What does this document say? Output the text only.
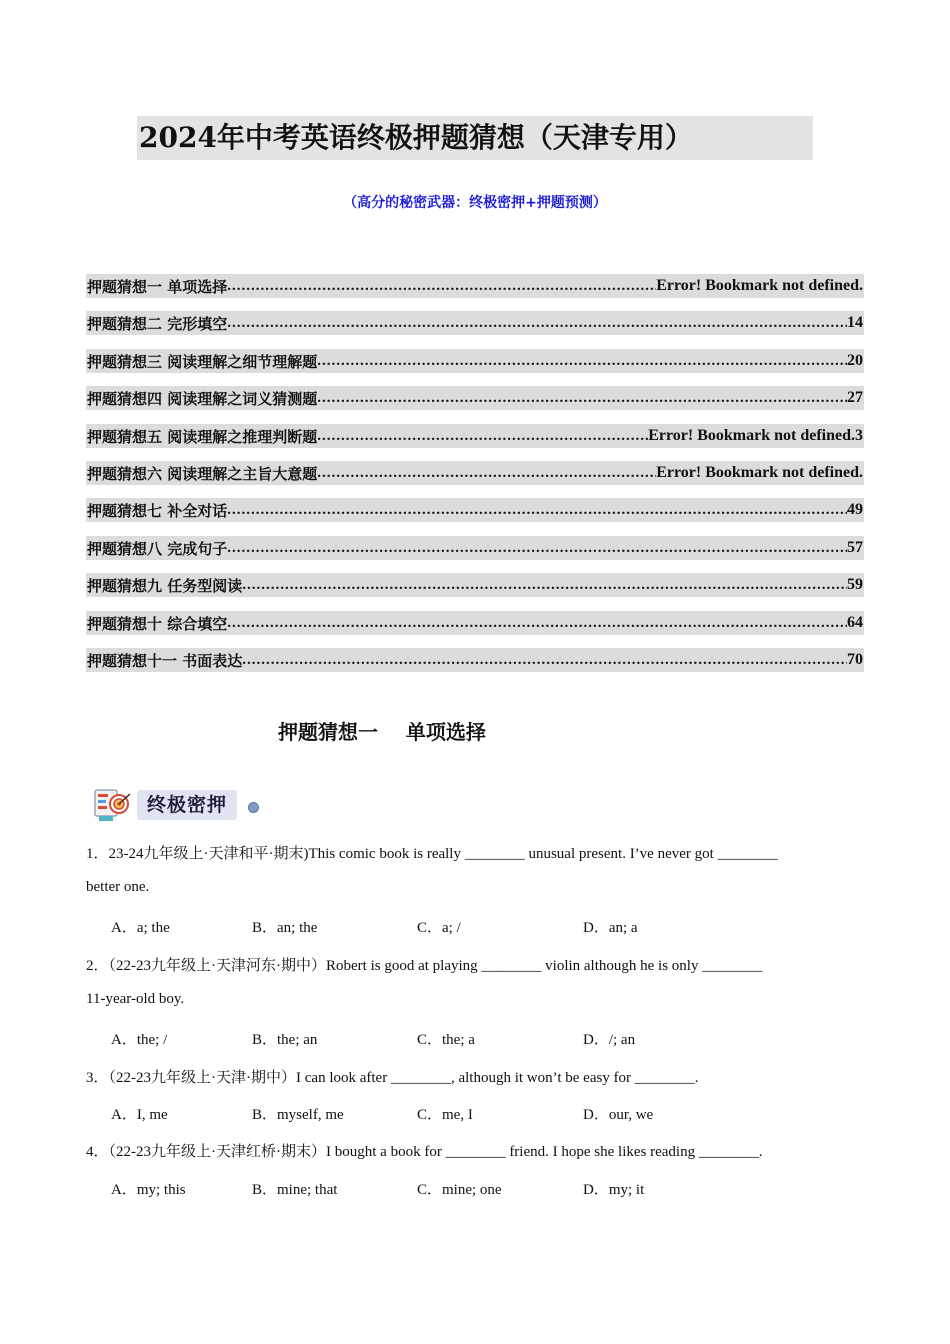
2024年中考英语终极押题猜想（天津专用）
（高分的秘密武器：终极密押+押题预测）
押题猜想一 单项选择 .....	Error! Bookmark not defined.
押题猜想二 完形填空 .....	14
押题猜想三 阅读理解之细节理解题 .....	20
押题猜想四 阅读理解之词义猜测题 .....	27
押题猜想五 阅读理解之推理判断题 .....	Error! Bookmark not defined.3
押题猜想六 阅读理解之主旨大意题 .....	Error! Bookmark not defined.
押题猜想七 补全对话 .....	49
押题猜想八 完成句子 .....	57
押题猜想九 任务型阅读 .....	59
押题猜想十 综合填空 .....	64
押题猜想十一 书面表达 .....	70
押题猜想一    单项选择
终极密押
1．23-24九年级上·天津和平·期末)This comic book is really ________ unusual present. I’ve never got ________
better one.
A．a; the	B．an; the	C．a; /	D．an; a
2．（22-23九年级上·天津河东·期中）Robert is good at playing ________ violin although he is only ________
11-year-old boy.
A．the; /	B．the; an	C．the; a	D．/; an
3．（22-23九年级上·天津·期中）I can look after ________, although it won’t be easy for ________.
A．I, me	B．myself, me	C．me, I	D．our, we
4．（22-23九年级上·天津红桥·期末）I bought a book for ________ friend. I hope she likes reading ________.
A．my; this	B．mine; that	C．mine; one	D．my; it
